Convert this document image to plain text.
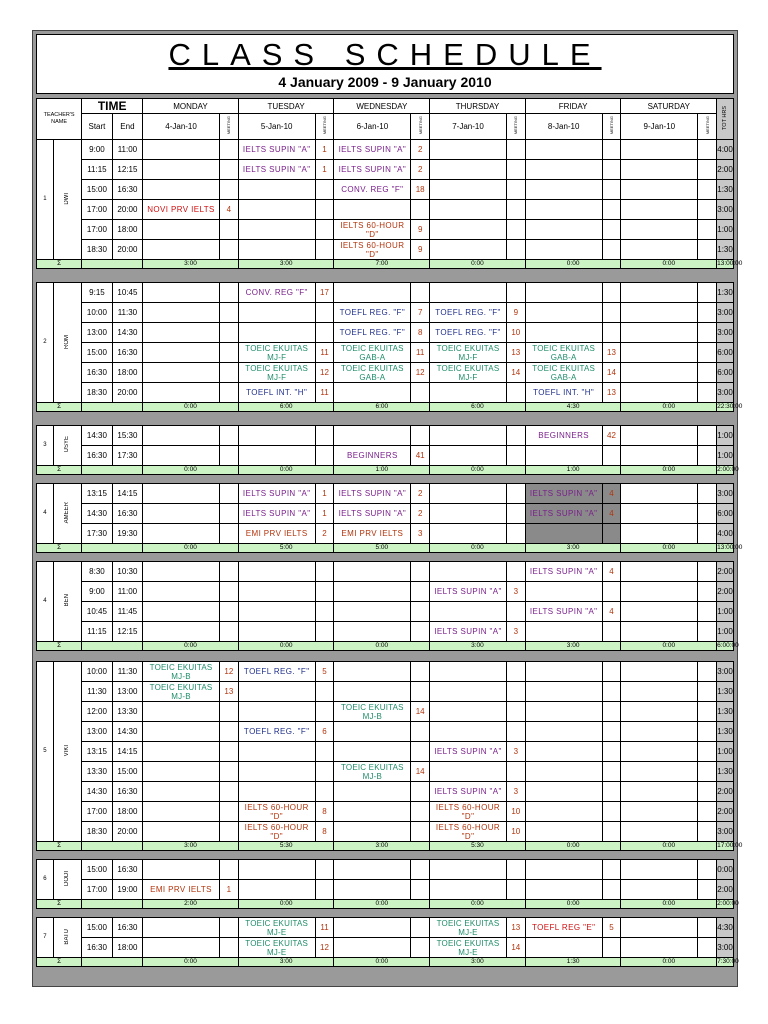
CLASS SCHEDULE
4 January 2009 - 9 January 2010
TEACHER'S NAME	TIME		MONDAY		TUESDAY		WEDNESDAY		THURSDAY		FRIDAY		SATURDAY		TOT HRS
	Start	End	4-Jan-10	MEETING	5-Jan-10	MEETING	6-Jan-10	MEETING	7-Jan-10	MEETING	8-Jan-10	MEETING	9-Jan-10	MEETING	
1	DWI	9:00	11:00			IELTS SUPIN "A"	1	IELTS SUPIN "A"	2							4:00
		11:15	12:15			IELTS SUPIN "A"	1	IELTS SUPIN "A"	2							2:00
		15:00	16:30					CONV. REG "F"	18							1:30
		17:00	20:00	NOVI PRV IELTS	4											3:00
		17:00	18:00					IELTS 60-HOUR "D"	9							1:00
		18:30	20:00					IELTS 60-HOUR "D"	9							1:30
Σ				3:00		3:00		7:00		0:00		0:00		0:00		13:00:00
2	ROM	9:15	10:45			CONV. REG "F"	17									1:30
		10:00	11:30					TOEFL REG. "F"	7	TOEFL REG. "F"	9					3:00
		13:00	14:30					TOEFL REG. "F"	8	TOEFL REG. "F"	10					3:00
		15:00	16:30			TOEIC EKUITAS MJ-F	11	TOEIC EKUITAS GAB-A	11	TOEIC EKUITAS MJ-F	13	TOEIC EKUITAS GAB-A	13			6:00
		16:30	18:00			TOEIC EKUITAS MJ-F	12	TOEIC EKUITAS GAB-A	12	TOEIC EKUITAS MJ-F	14	TOEIC EKUITAS GAB-A	14			6:00
		18:30	20:00			TOEFL INT. "H"	11					TOEFL INT. "H"	13			3:00
Σ				0:00		6:00		6:00		6:00		4:30		0:00		22:30:00
3	USYE	14:30	15:30									BEGINNERS	42			1:00
		16:30	17:30					BEGINNERS	41							1:00
Σ				0:00		0:00		1:00		0:00		1:00		0:00		2:00:00
4	AMEER	13:15	14:15			IELTS SUPIN "A"	1	IELTS SUPIN "A"	2			IELTS SUPIN "A"	4			3:00
		14:30	16:30			IELTS SUPIN "A"	1	IELTS SUPIN "A"	2			IELTS SUPIN "A"	4			6:00
		17:30	19:30			EMI PRV IELTS	2	EMI PRV IELTS	3							4:00
Σ				0:00		5:00		5:00		0:00		3:00		0:00		13:00:00
4	BEN	8:30	10:30									IELTS SUPIN "A"	4			2:00
		9:00	11:00							IELTS SUPIN "A"	3					2:00
		10:45	11:45									IELTS SUPIN "A"	4			1:00
		11:15	12:15							IELTS SUPIN "A"	3					1:00
Σ				0:00		0:00		0:00		3:00		3:00		0:00		6:00:00
5	VIKI	10:00	11:30	TOEIC EKUITAS MJ-B	12	TOEFL REG. "F"	5									3:00
		11:30	13:00	TOEIC EKUITAS MJ-B	13											1:30
		12:00	13:30					TOEIC EKUITAS MJ-B	14							1:30
		13:00	14:30			TOEFL REG. "F"	6									1:30
		13:15	14:15							IELTS SUPIN "A"	3					1:00
		13:30	15:00					TOEIC EKUITAS MJ-B	14							1:30
		14:30	16:30							IELTS SUPIN "A"	3					2:00
		17:00	18:00			IELTS 60-HOUR "D"	8			IELTS 60-HOUR "D"	10					2:00
		18:30	20:00			IELTS 60-HOUR "D"	8			IELTS 60-HOUR "D"	10					3:00
Σ				3:00		5:30		3:00		5:30		0:00		0:00		17:00:00
6	DODI	15:00	16:30													0:00
		17:00	19:00	EMI PRV IELTS	1											2:00
Σ				2:00		0:00		0:00		0:00		0:00		0:00		2:00:00
7	BATU	15:00	16:30			TOEIC EKUITAS MJ-E	11			TOEIC EKUITAS MJ-E	13	TOEFL REG "E"	5			4:30
		16:30	18:00			TOEIC EKUITAS MJ-E	12			TOEIC EKUITAS MJ-E	14					3:00
Σ				0:00		3:00		0:00		3:00		1:30		0:00		7:30:00
